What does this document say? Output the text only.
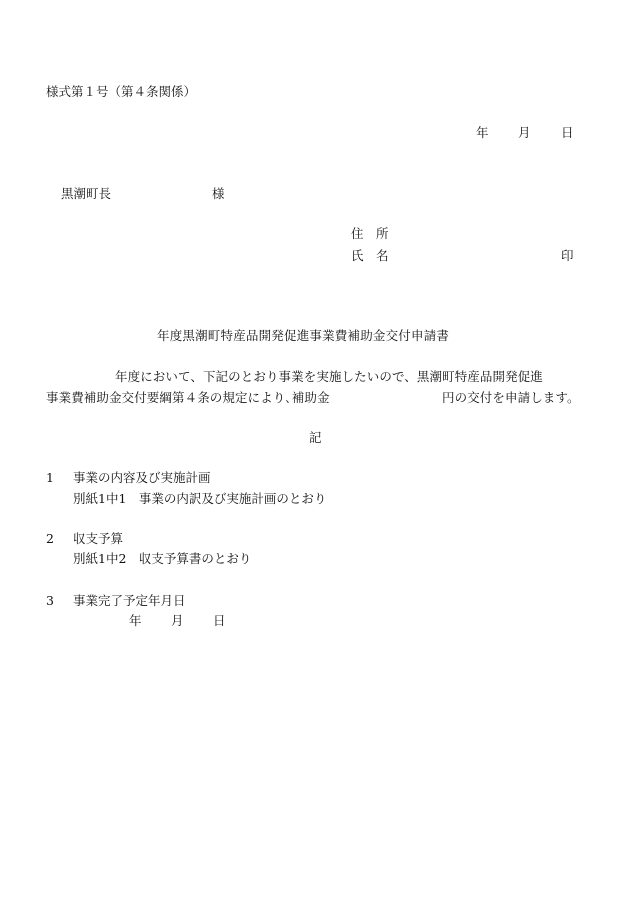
様式第１号（第４条関係）
年 月 日
黒潮町長	様
住　所
氏　名	印
年度黒潮町特産品開発促進事業費補助金交付申請書
年度において、下記のとおり事業を実施したいので、黒潮町特産品開発促進
事業費補助金交付要綱第４条の規定により､補助金	円の交付を申請します。
記
1 事業の内容及び実施計画
別紙1中1　事業の内訳及び実施計画のとおり
2 収支予算
別紙1中2　収支予算書のとおり
3 事業完了予定年月日
年 月 日
